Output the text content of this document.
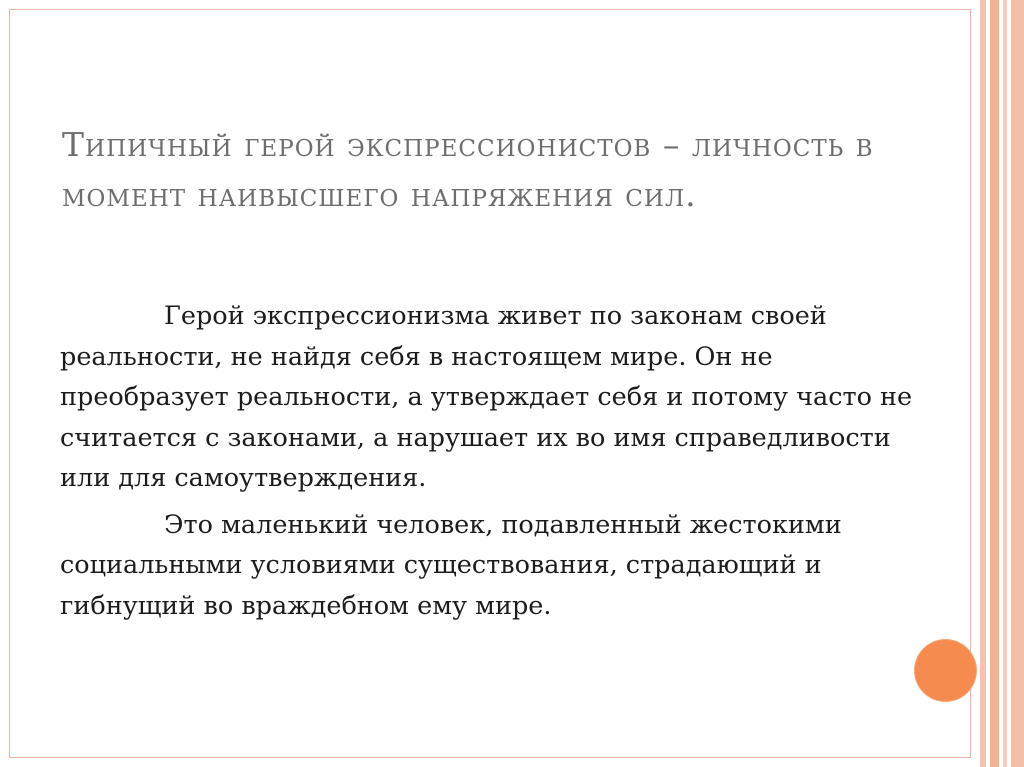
Типичный герой экспрессионистов – личность в момент наивысшего напряжения сил.

Герой экспрессионизма живет по законам своей реальности, не найдя себя в настоящем мире. Он не преобразует реальности, а утверждает себя и потому часто не считается с законами, а нарушает их во имя справедливости или для самоутверждения.

Это маленький человек, подавленный жестокими социальными условиями существования, страдающий и гибнущий во враждебном ему мире.
